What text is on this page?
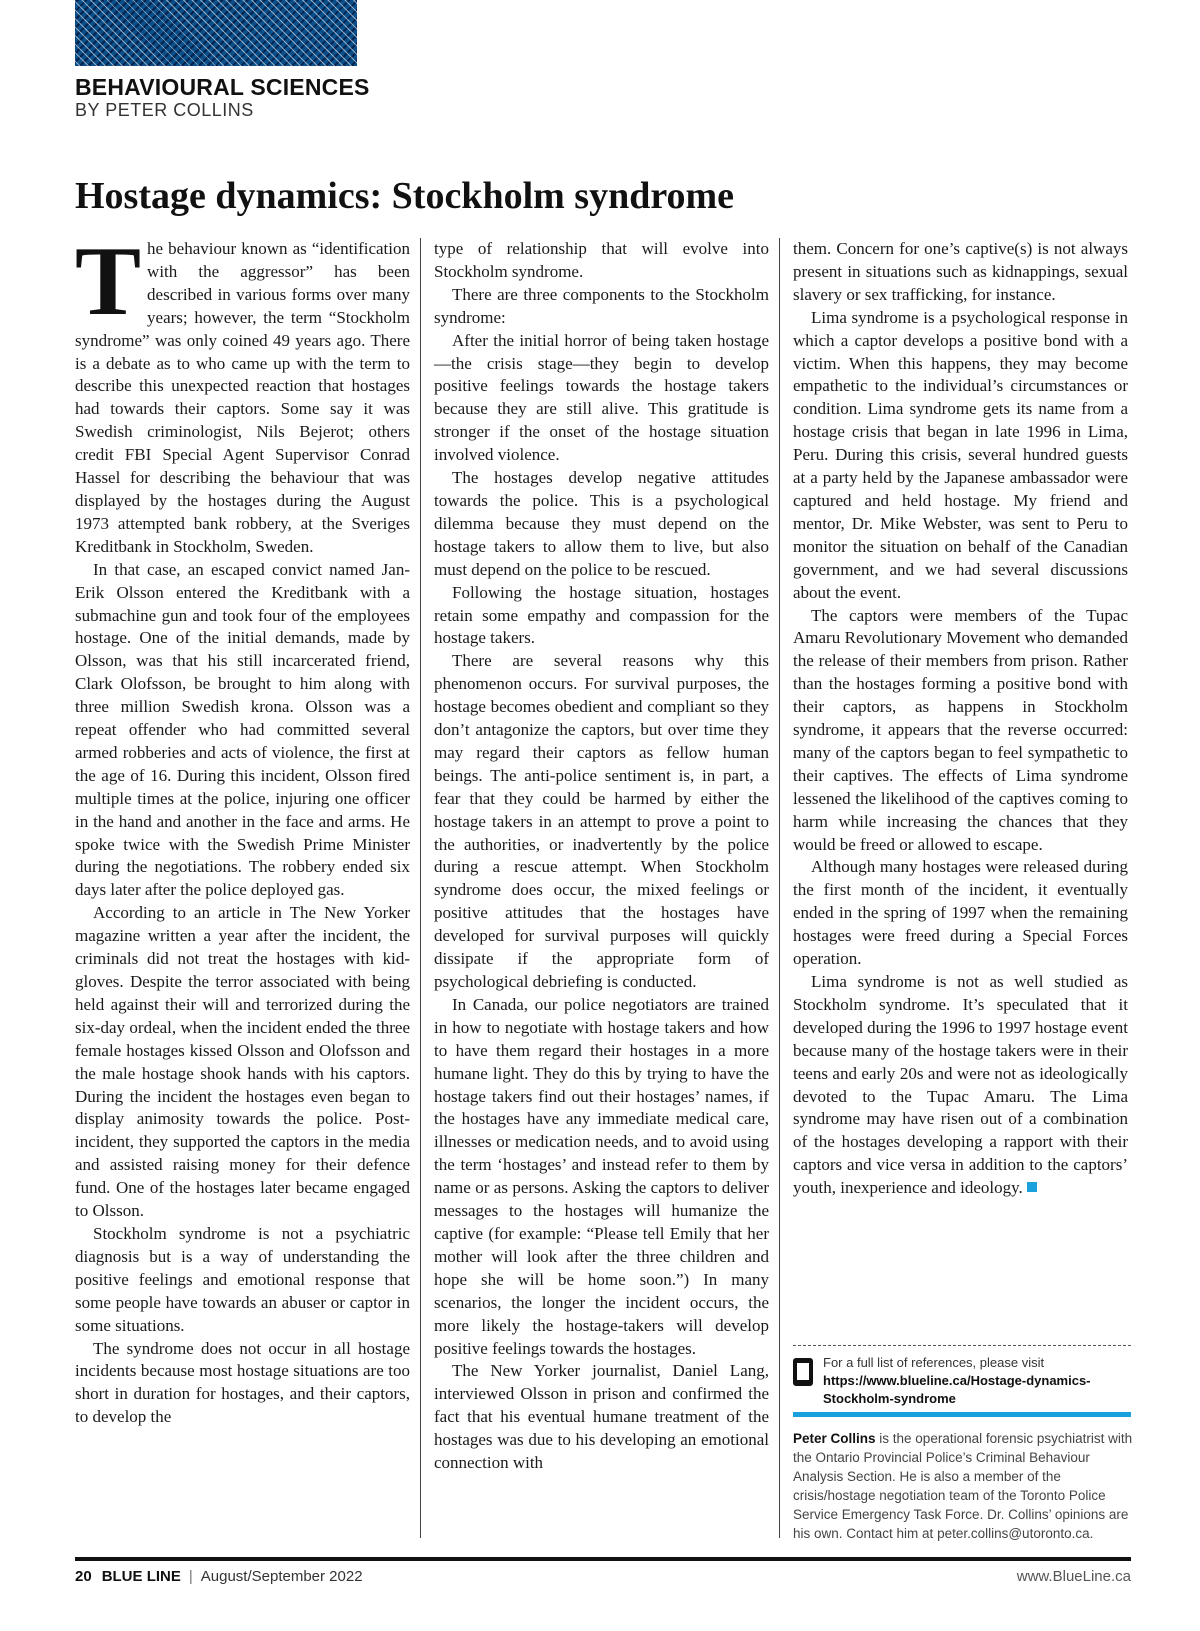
BEHAVIOURAL SCIENCES
BY PETER COLLINS
Hostage dynamics: Stockholm syndrome

The behaviour known as “identification with the aggressor” has been described in various forms over many years; however, the term “Stockholm syndrome” was only coined 49 years ago. There is a debate as to who came up with the term to describe this unexpected reaction that hostages had towards their captors. Some say it was Swedish criminologist, Nils Bejerot; others credit FBI Special Agent Supervisor Conrad Hassel for describing the behaviour that was displayed by the hostages during the August 1973 attempted bank robbery, at the Sveriges Kreditbank in Stockholm, Sweden.

In that case, an escaped convict named Jan-Erik Olsson entered the Kreditbank with a submachine gun and took four of the employees hostage. One of the initial demands, made by Olsson, was that his still incarcerated friend, Clark Olofsson, be brought to him along with three million Swedish krona. Olsson was a repeat offender who had committed several armed robberies and acts of violence, the first at the age of 16. During this incident, Olsson fired multiple times at the police, injuring one officer in the hand and another in the face and arms. He spoke twice with the Swedish Prime Minister during the negotiations. The robbery ended six days later after the police deployed gas.

According to an article in The New Yorker magazine written a year after the incident, the criminals did not treat the hostages with kid-gloves. Despite the terror associated with being held against their will and terrorized during the six-day ordeal, when the incident ended the three female hostages kissed Olsson and Olofsson and the male hostage shook hands with his captors. During the incident the hostages even began to display animosity towards the police. Post-incident, they supported the captors in the media and assisted raising money for their defence fund. One of the hostages later became engaged to Olsson.

Stockholm syndrome is not a psychiatric diagnosis but is a way of understanding the positive feelings and emotional response that some people have towards an abuser or captor in some situations.

The syndrome does not occur in all hostage incidents because most hostage situations are too short in duration for hostages, and their captors, to develop the

type of relationship that will evolve into Stockholm syndrome.

There are three components to the Stockholm syndrome:

After the initial horror of being taken hostage—the crisis stage—they begin to develop positive feelings towards the hostage takers because they are still alive. This gratitude is stronger if the onset of the hostage situation involved violence.

The hostages develop negative attitudes towards the police. This is a psychological dilemma because they must depend on the hostage takers to allow them to live, but also must depend on the police to be rescued.

Following the hostage situation, hostages retain some empathy and compassion for the hostage takers.

There are several reasons why this phenomenon occurs. For survival purposes, the hostage becomes obedient and compliant so they don’t antagonize the captors, but over time they may regard their captors as fellow human beings. The anti-police sentiment is, in part, a fear that they could be harmed by either the hostage takers in an attempt to prove a point to the authorities, or inadvertently by the police during a rescue attempt. When Stockholm syndrome does occur, the mixed feelings or positive attitudes that the hostages have developed for survival purposes will quickly dissipate if the appropriate form of psychological debriefing is conducted.

In Canada, our police negotiators are trained in how to negotiate with hostage takers and how to have them regard their hostages in a more humane light. They do this by trying to have the hostage takers find out their hostages’ names, if the hostages have any immediate medical care, illnesses or medication needs, and to avoid using the term ‘hostages’ and instead refer to them by name or as persons. Asking the captors to deliver messages to the hostages will humanize the captive (for example: “Please tell Emily that her mother will look after the three children and hope she will be home soon.”) In many scenarios, the longer the incident occurs, the more likely the hostage-takers will develop positive feelings towards the hostages.

The New Yorker journalist, Daniel Lang, interviewed Olsson in prison and confirmed the fact that his eventual humane treatment of the hostages was due to his developing an emotional connection with

them. Concern for one’s captive(s) is not always present in situations such as kidnappings, sexual slavery or sex trafficking, for instance.

Lima syndrome is a psychological response in which a captor develops a positive bond with a victim. When this happens, they may become empathetic to the individual’s circumstances or condition. Lima syndrome gets its name from a hostage crisis that began in late 1996 in Lima, Peru. During this crisis, several hundred guests at a party held by the Japanese ambassador were captured and held hostage. My friend and mentor, Dr. Mike Webster, was sent to Peru to monitor the situation on behalf of the Canadian government, and we had several discussions about the event.

The captors were members of the Tupac Amaru Revolutionary Movement who demanded the release of their members from prison. Rather than the hostages forming a positive bond with their captors, as happens in Stockholm syndrome, it appears that the reverse occurred: many of the captors began to feel sympathetic to their captives. The effects of Lima syndrome lessened the likelihood of the captives coming to harm while increasing the chances that they would be freed or allowed to escape.

Although many hostages were released during the first month of the incident, it eventually ended in the spring of 1997 when the remaining hostages were freed during a Special Forces operation.

Lima syndrome is not as well studied as Stockholm syndrome. It’s speculated that it developed during the 1996 to 1997 hostage event because many of the hostage takers were in their teens and early 20s and were not as ideologically devoted to the Tupac Amaru. The Lima syndrome may have risen out of a combination of the hostages developing a rapport with their captors and vice versa in addition to the captors’ youth, inexperience and ideology.

For a full list of references, please visit
https://www.blueline.ca/Hostage-dynamics-Stockholm-syndrome
Peter Collins is the operational forensic psychiatrist with the Ontario Provincial Police’s Criminal Behaviour Analysis Section. He is also a member of the crisis/hostage negotiation team of the Toronto Police Service Emergency Task Force. Dr. Collins’ opinions are his own. Contact him at peter.collins@utoronto.ca.
20 BLUE LINE | August/September 2022	www.BlueLine.ca
